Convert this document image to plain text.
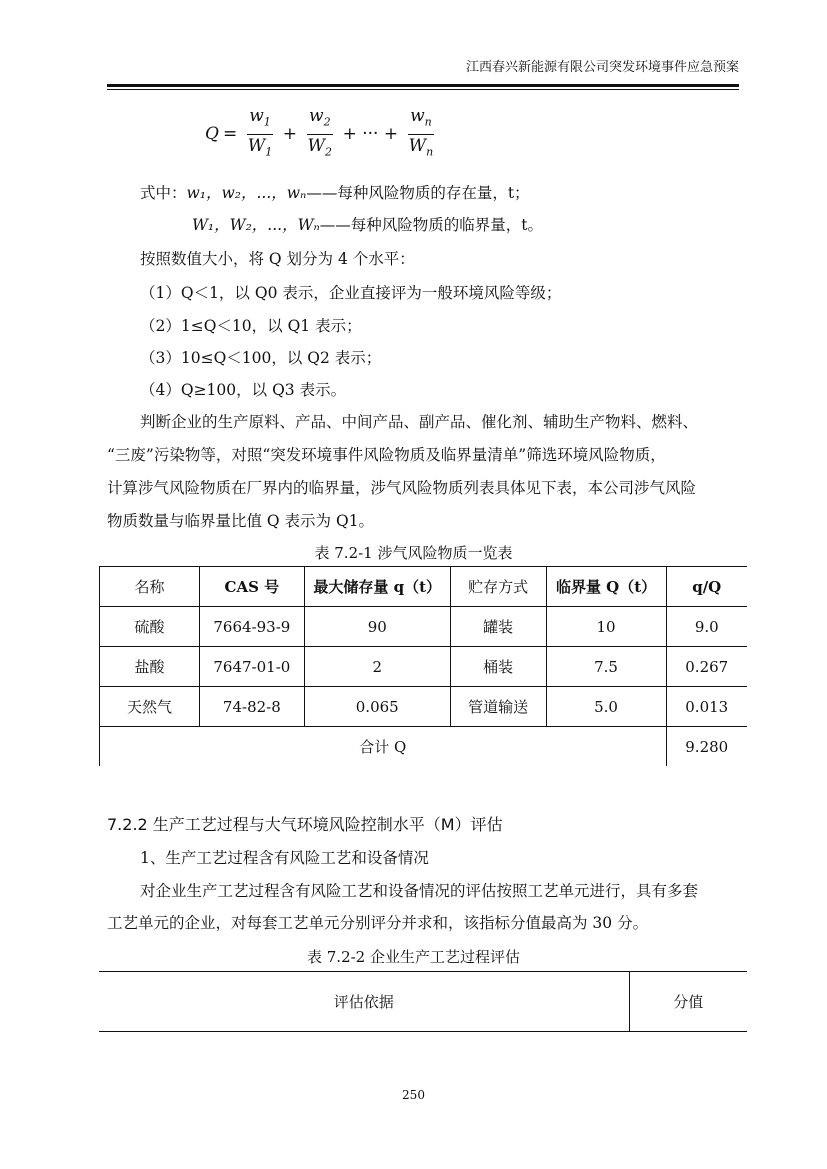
江西春兴新能源有限公司突发环境事件应急预案
$Q = \frac{w_1}{W_1} + \frac{w_2}{W_2}$ + ··· + $\frac{w_n}{W_n}$
式中：w₁，w₂，...，wₙ——每种风险物质的存在量，t；
W₁，W₂，...，Wₙ——每种风险物质的临界量，t。
按照数值大小，将 Q 划分为 4 个水平：
（1）Q＜1，以 Q0 表示，企业直接评为一般环境风险等级；
（2）1≤Q＜10，以 Q1 表示；
（3）10≤Q＜100，以 Q2 表示；
（4）Q≥100，以 Q3 表示。
判断企业的生产原料、产品、中间产品、副产品、催化剂、辅助生产物料、燃料、
“三废”污染物等，对照“突发环境事件风险物质及临界量清单”筛选环境风险物质，
计算涉气风险物质在厂界内的临界量，涉气风险物质列表具体见下表，本公司涉气风险
物质数量与临界量比值 Q 表示为 Q1。
表 7.2-1 涉气风险物质一览表
名称	CAS 号	最大储存量 q（t）	贮存方式	临界量 Q（t）	q/Q
硫酸	7664-93-9	90	罐装	10	9.0
盐酸	7647-01-0	2	桶装	7.5	0.267
天然气	74-82-8	0.065	管道输送	5.0	0.013
合计 Q					9.280
7.2.2 生产工艺过程与大气环境风险控制水平（M）评估
1、生产工艺过程含有风险工艺和设备情况
对企业生产工艺过程含有风险工艺和设备情况的评估按照工艺单元进行，具有多套
工艺单元的企业，对每套工艺单元分别评分并求和，该指标分值最高为 30 分。
表 7.2-2 企业生产工艺过程评估
评估依据	分值
250
